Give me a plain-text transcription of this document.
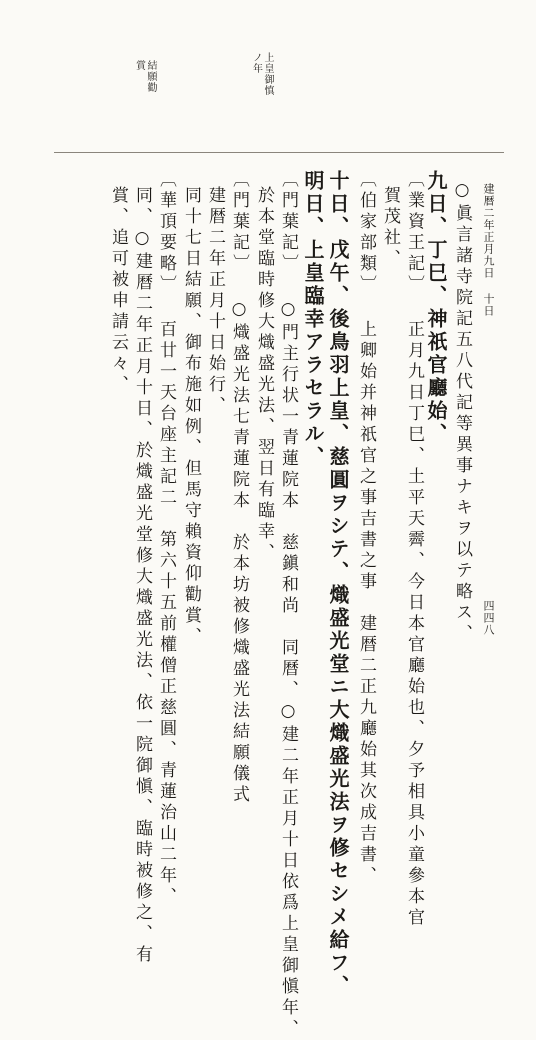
建暦二年正月九日 十日
四四八
上皇御慎ノ年
結願勸賞
○眞言諸寺院記五八代記等異事ナキヲ以テ略ス、
九日、丁巳、神祇官廳始、
〔業資王記〕 正月九日丁巳、土平天霽、今日本官廳始也、夕予相具小童參本官
賀茂社、
〔伯家部類〕 上卿始并神祇官之事吉書之事　建暦二正九廳始其次成吉書、
十日、戊午、後鳥羽上皇、慈圓ヲシテ、熾盛光堂ニ大熾盛光法ヲ修セシメ給フ、
明日、上皇臨幸アラセラル、
〔門葉記〕 ○門主行状一青蓮院本　慈鎭和尚　同曆、○建二年正月十日依爲上皇御愼年、
於本堂臨時修大熾盛光法、翌日有臨幸、
〔門葉記〕 ○熾盛光法七青蓮院本　於本坊被修熾盛光法結願儀式
建暦二年正月十日始行、
同十七日結願、御布施如例、但馬守賴資仰勸賞、
〔華頂要略〕 百廿一天台座主記二　第六十五前權僧正慈圓、青蓮治山二年、
同、○建曆二年正月十日、於熾盛光堂修大熾盛光法、依一院御愼、臨時被修之、有
賞、追可被申請云々、
